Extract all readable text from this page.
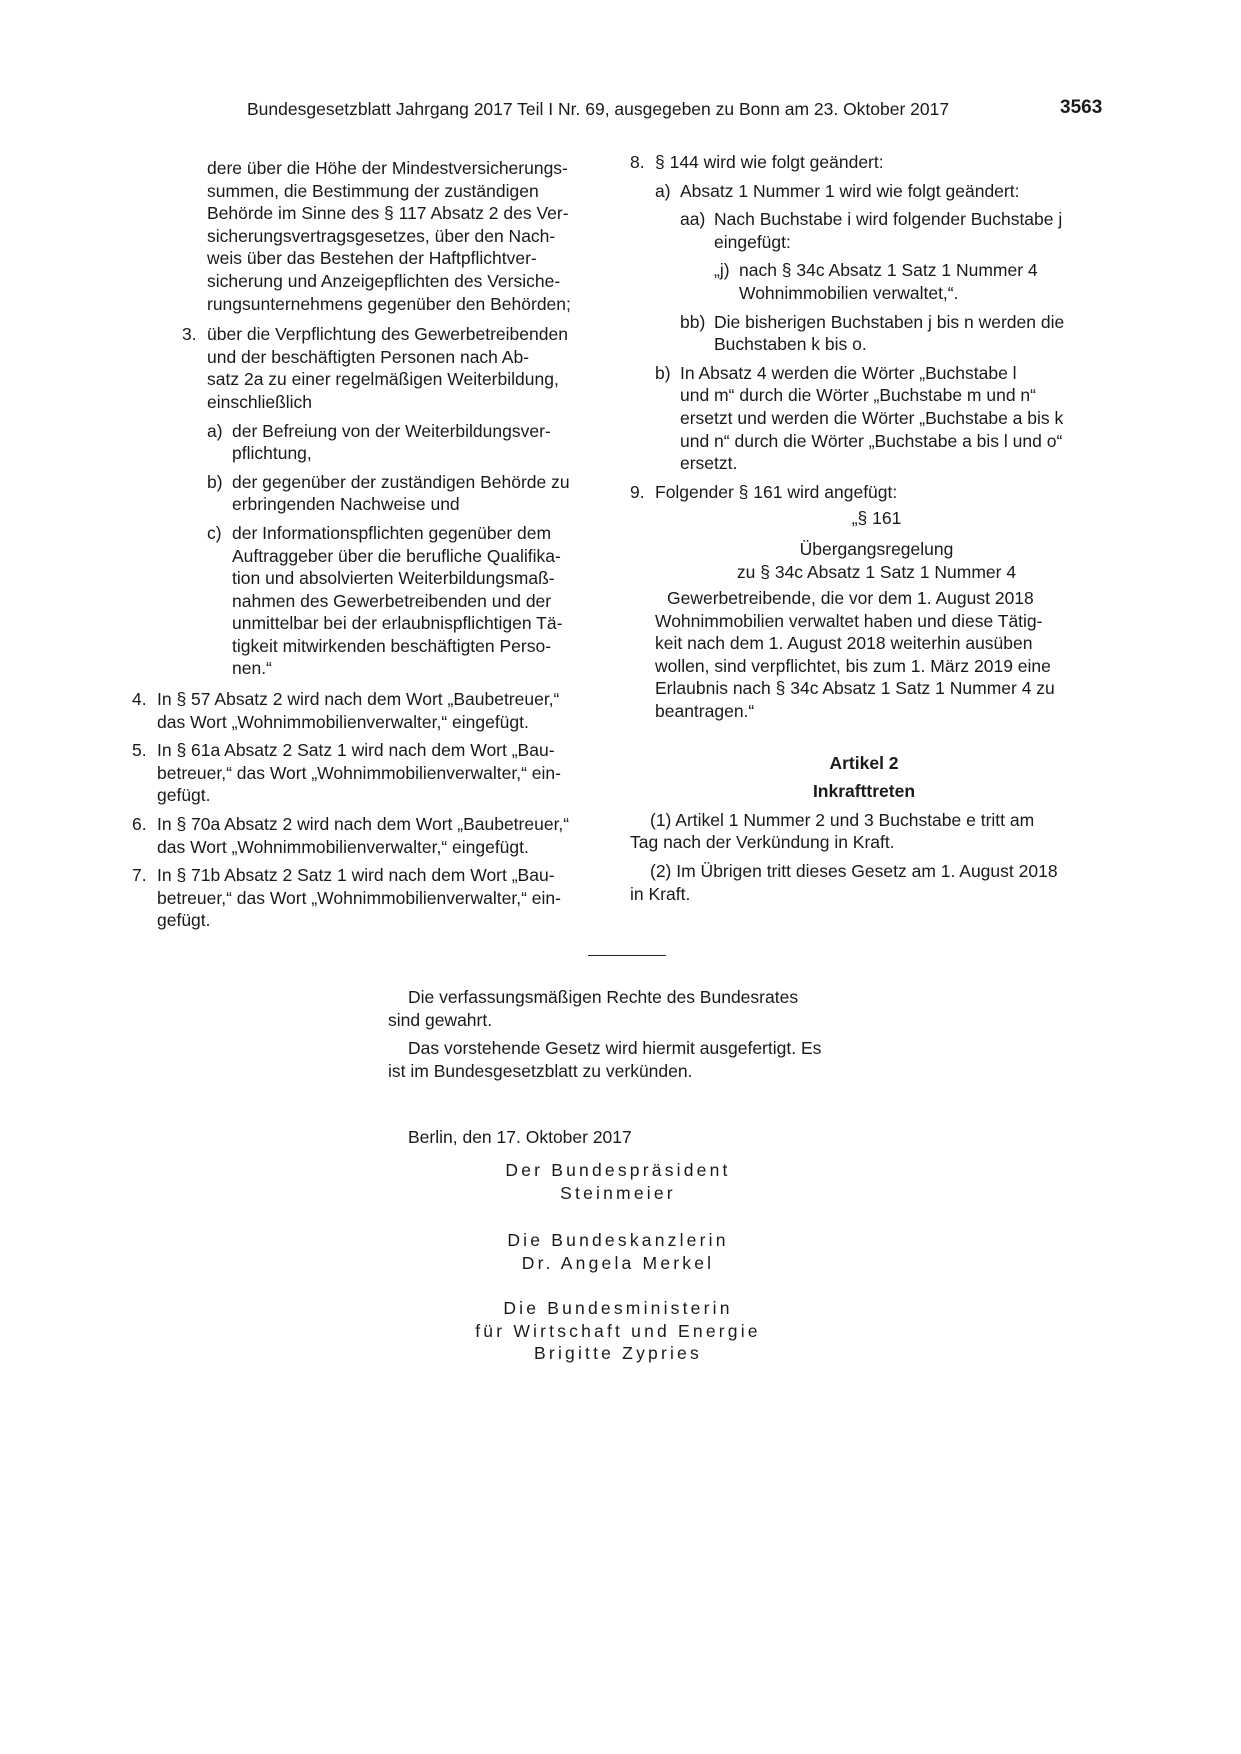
Bundesgesetzblatt Jahrgang 2017 Teil I Nr. 69, ausgegeben zu Bonn am 23. Oktober 2017	3563

dere über die Höhe der Mindestversicherungs-

summen, die Bestimmung der zuständigen

Behörde im Sinne des § 117 Absatz 2 des Ver-

sicherungsvertragsgesetzes, über den Nach-

weis über das Bestehen der Haftpflichtver-

sicherung und Anzeigepflichten des Versiche-

rungsunternehmens gegenüber den Behörden;

3. über die Verpflichtung des Gewerbetreibenden

und der beschäftigten Personen nach Ab-

satz 2a zu einer regelmäßigen Weiterbildung,

einschließlich

a) der Befreiung von der Weiterbildungsver-

pflichtung,

b) der gegenüber der zuständigen Behörde zu

erbringenden Nachweise und

c) der Informationspflichten gegenüber dem

Auftraggeber über die berufliche Qualifika-

tion und absolvierten Weiterbildungsmaß-

nahmen des Gewerbetreibenden und der

unmittelbar bei der erlaubnispflichtigen Tä-

tigkeit mitwirkenden beschäftigten Perso-

nen.“

4. In § 57 Absatz 2 wird nach dem Wort „Baubetreuer,“

das Wort „Wohnimmobilienverwalter,“ eingefügt.

5. In § 61a Absatz 2 Satz 1 wird nach dem Wort „Bau-

betreuer,“ das Wort „Wohnimmobilienverwalter,“ ein-

gefügt.

6. In § 70a Absatz 2 wird nach dem Wort „Baubetreuer,“

das Wort „Wohnimmobilienverwalter,“ eingefügt.

7. In § 71b Absatz 2 Satz 1 wird nach dem Wort „Bau-

betreuer,“ das Wort „Wohnimmobilienverwalter,“ ein-

gefügt.

8. § 144 wird wie folgt geändert:

a) Absatz 1 Nummer 1 wird wie folgt geändert:

aa) Nach Buchstabe i wird folgender Buchstabe j

eingefügt:

„j) nach § 34c Absatz 1 Satz 1 Nummer 4

Wohnimmobilien verwaltet,“.

bb) Die bisherigen Buchstaben j bis n werden die

Buchstaben k bis o.

b) In Absatz 4 werden die Wörter „Buchstabe l

und m“ durch die Wörter „Buchstabe m und n“

ersetzt und werden die Wörter „Buchstabe a bis k

und n“ durch die Wörter „Buchstabe a bis l und o“

ersetzt.

9. Folgender § 161 wird angefügt:

„§ 161

Übergangsregelung

zu § 34c Absatz 1 Satz 1 Nummer 4

Gewerbetreibende, die vor dem 1. August 2018

Wohnimmobilien verwaltet haben und diese Tätig-

keit nach dem 1. August 2018 weiterhin ausüben

wollen, sind verpflichtet, bis zum 1. März 2019 eine

Erlaubnis nach § 34c Absatz 1 Satz 1 Nummer 4 zu

beantragen.“

Artikel 2

Inkrafttreten

(1) Artikel 1 Nummer 2 und 3 Buchstabe e tritt am

Tag nach der Verkündung in Kraft.

(2) Im Übrigen tritt dieses Gesetz am 1. August 2018

in Kraft.

Die verfassungsmäßigen Rechte des Bundesrates

sind gewahrt.

Das vorstehende Gesetz wird hiermit ausgefertigt. Es

ist im Bundesgesetzblatt zu verkünden.

Berlin, den 17. Oktober 2017

Der Bundespräsident

Steinmeier

Die Bundeskanzlerin

Dr. Angela Merkel

Die Bundesministerin

für Wirtschaft und Energie

Brigitte Zypries
